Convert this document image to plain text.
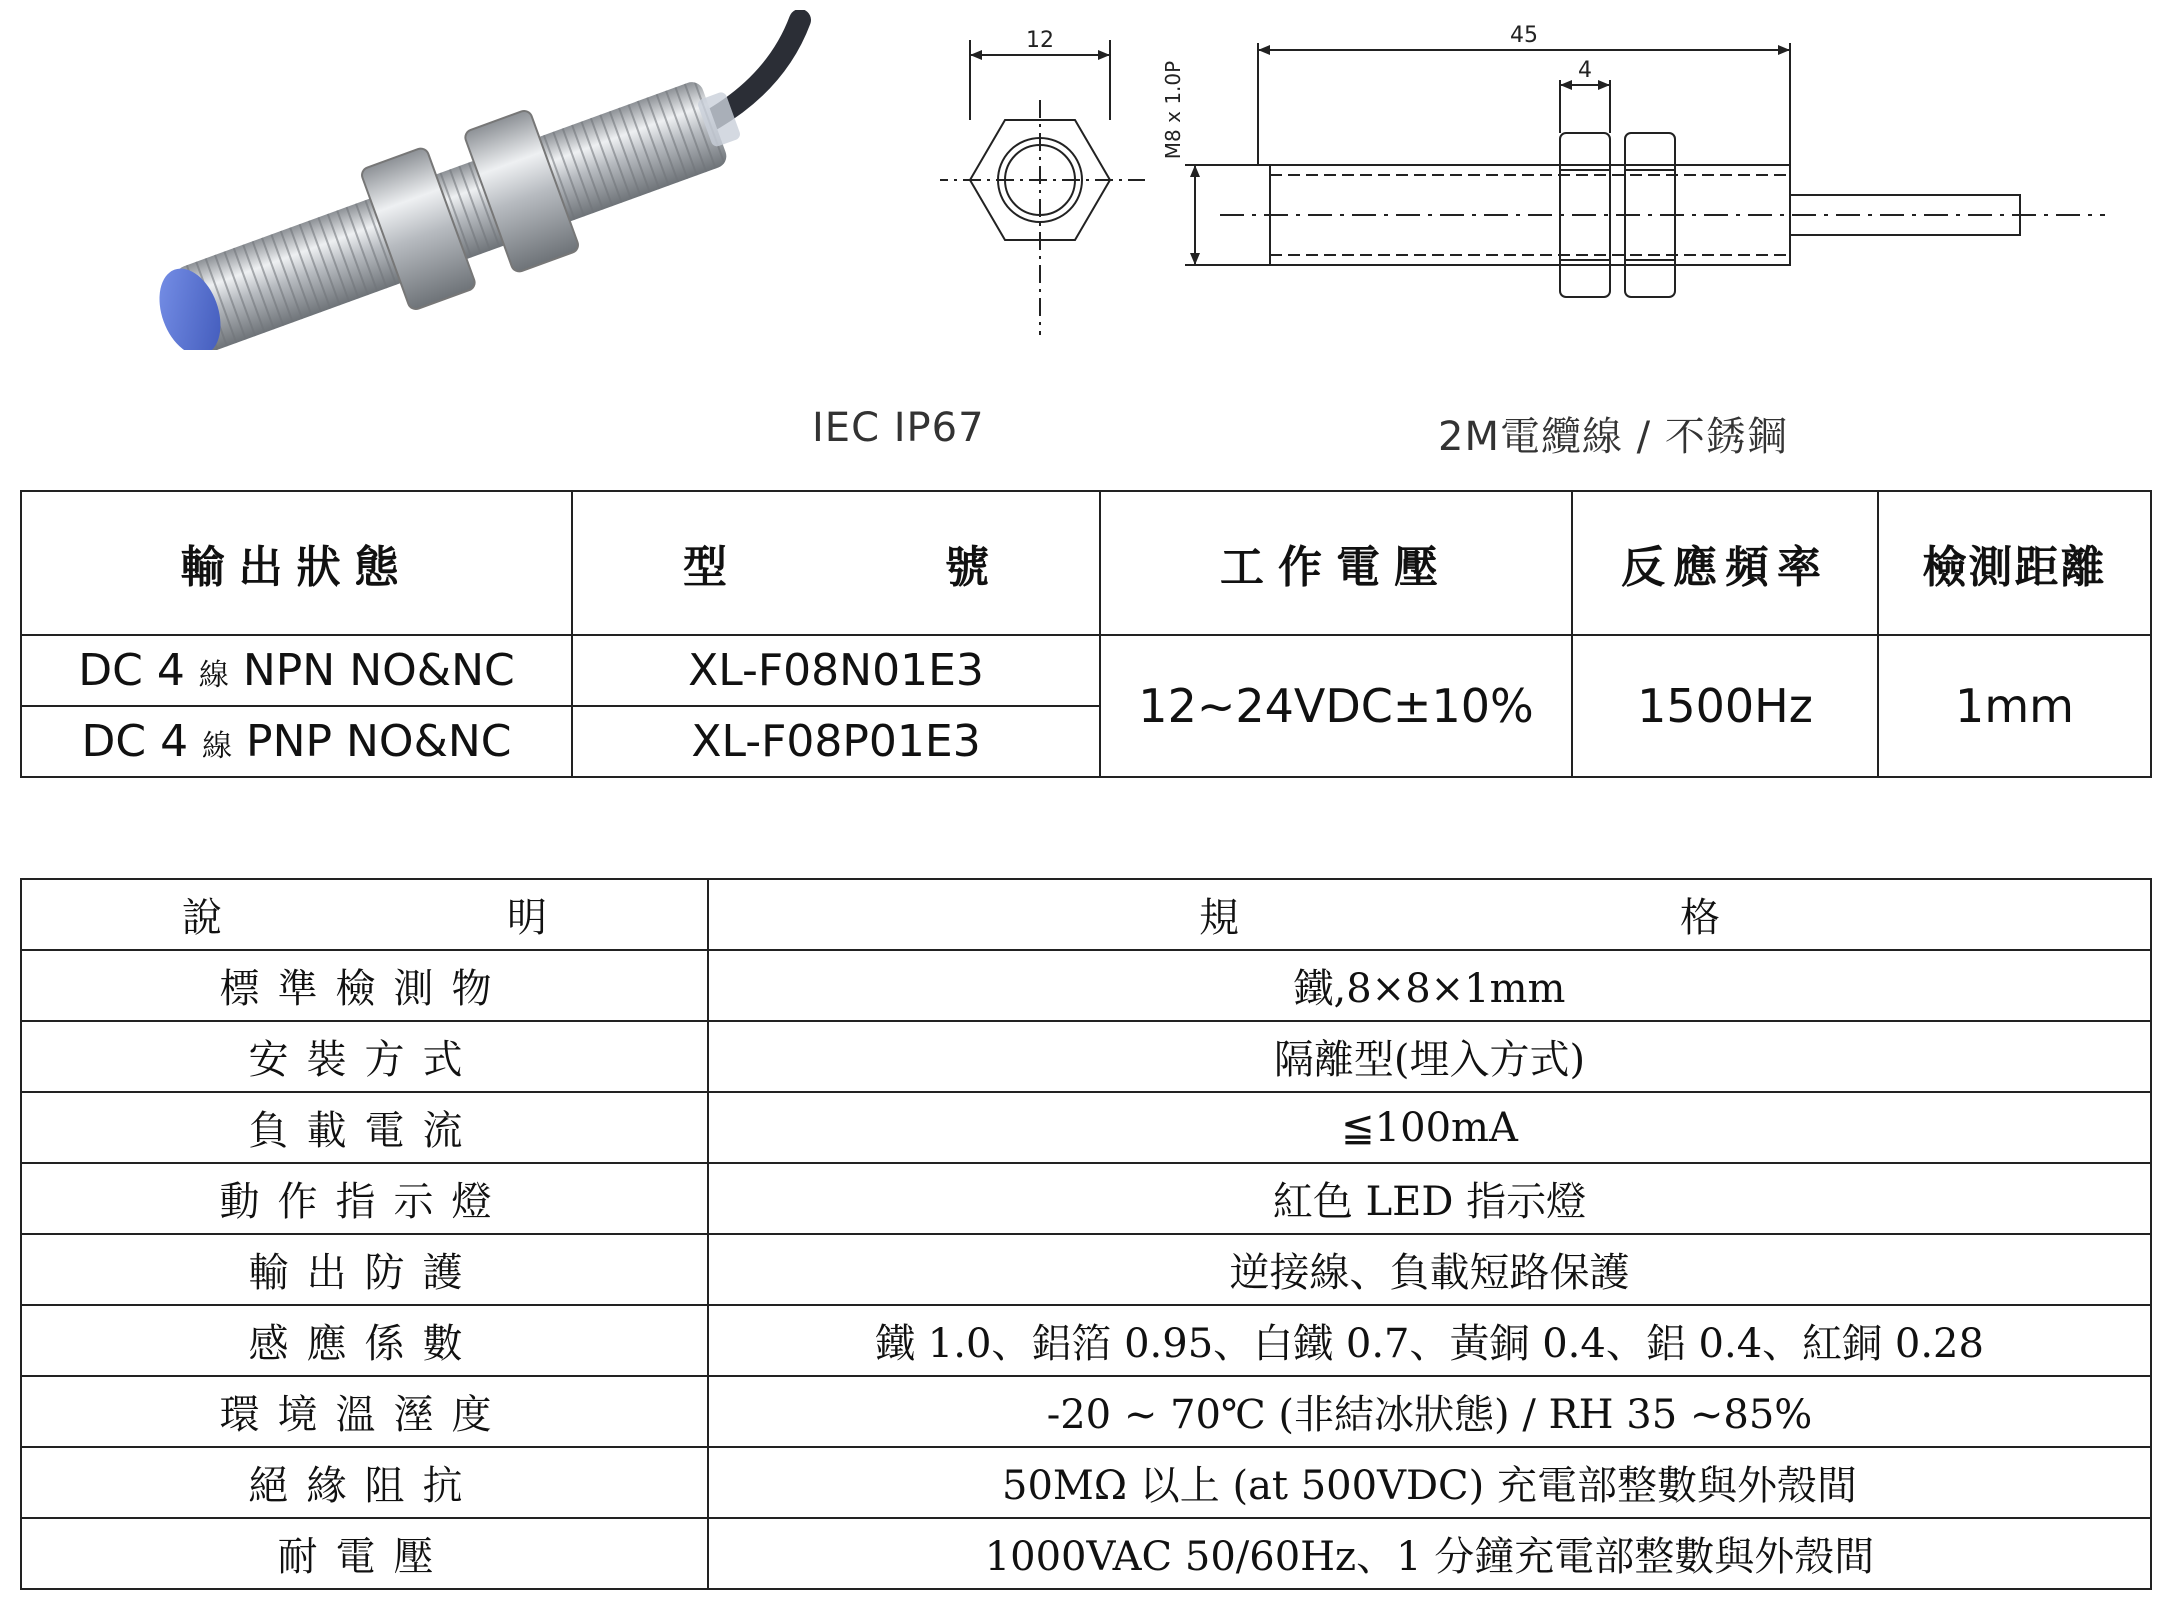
12	45
4
M8 x 1.0P
IEC IP67	2M電纜線 / 不銹鋼
輸出狀態	型 號	工作電壓	反應頻率	檢測距離
DC 4 線 NPN NO&NC	XL-F08N01E3	12~24VDC±10%	1500Hz	1mm
DC 4 線 PNP NO&NC	XL-F08P01E3			
說 明	規 格

標準檢測物	鐵,8×8×1mm
安裝方式	隔離型(埋入方式)
負載電流	≦100mA
動作指示燈	紅色 LED 指示燈
輸出防護	逆接線、負載短路保護
感應係數	鐵 1.0、鋁箔 0.95、白鐵 0.7、黃銅 0.4、鋁 0.4、紅銅 0.28
環境溫溼度	-20 ~ 70℃ (非結冰狀態) / RH 35 ~85%
絕緣阻抗	50MΩ 以上 (at 500VDC) 充電部整數與外殼間
耐電壓	1000VAC 50/60Hz、1 分鐘充電部整數與外殼間
